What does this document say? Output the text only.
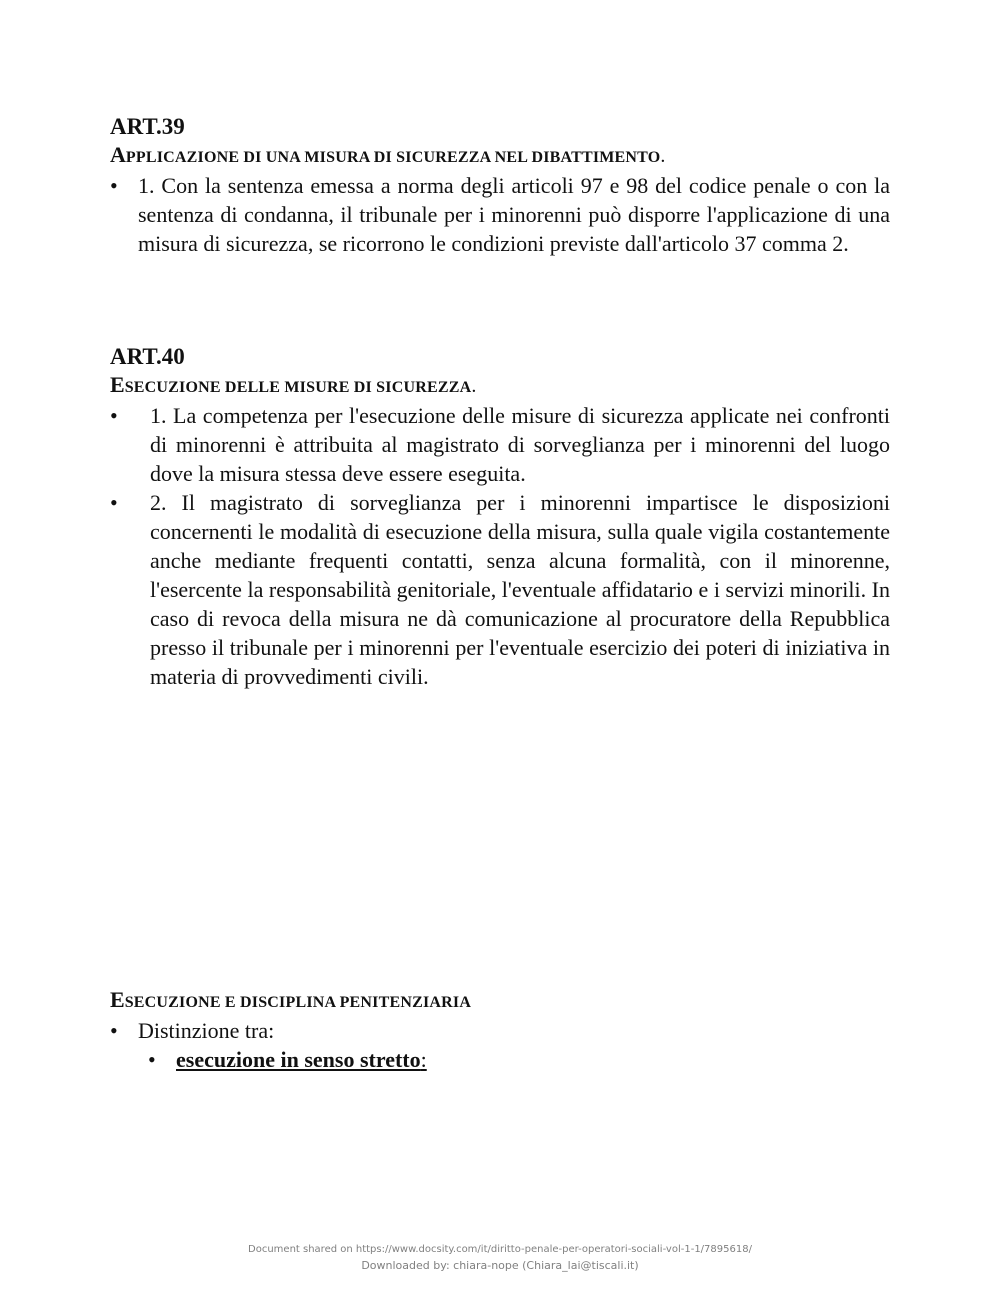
ART.39
APPLICAZIONE DI UNA MISURA DI SICUREZZA NEL DIBATTIMENTO.
• 1. Con la sentenza emessa a norma degli articoli 97 e 98 del codice penale o con la sentenza di condanna, il tribunale per i minorenni può disporre l'applicazione di una misura di sicurezza, se ricorrono le condizioni previste dall'articolo 37 comma 2.
ART.40
ESECUZIONE DELLE MISURE DI SICUREZZA.
• 1. La competenza per l'esecuzione delle misure di sicurezza applicate nei confronti di minorenni è attribuita al magistrato di sorveglianza per i minorenni del luogo dove la misura stessa deve essere eseguita.
• 2. Il magistrato di sorveglianza per i minorenni impartisce le disposizioni concernenti le modalità di esecuzione della misura, sulla quale vigila costantemente anche mediante frequenti contatti, senza alcuna formalità, con il minorenne, l'esercente la responsabilità genitoriale, l'eventuale affidatario e i servizi minorili. In caso di revoca della misura ne dà comunicazione al procuratore della Repubblica presso il tribunale per i minorenni per l'eventuale esercizio dei poteri di iniziativa in materia di provvedimenti civili.
ESECUZIONE E DISCIPLINA PENITENZIARIA
• Distinzione tra:
• esecuzione in senso stretto:
Document shared on https://www.docsity.com/it/diritto-penale-per-operatori-sociali-vol-1-1/7895618/
Downloaded by: chiara-nope (Chiara_lai@tiscali.it)
